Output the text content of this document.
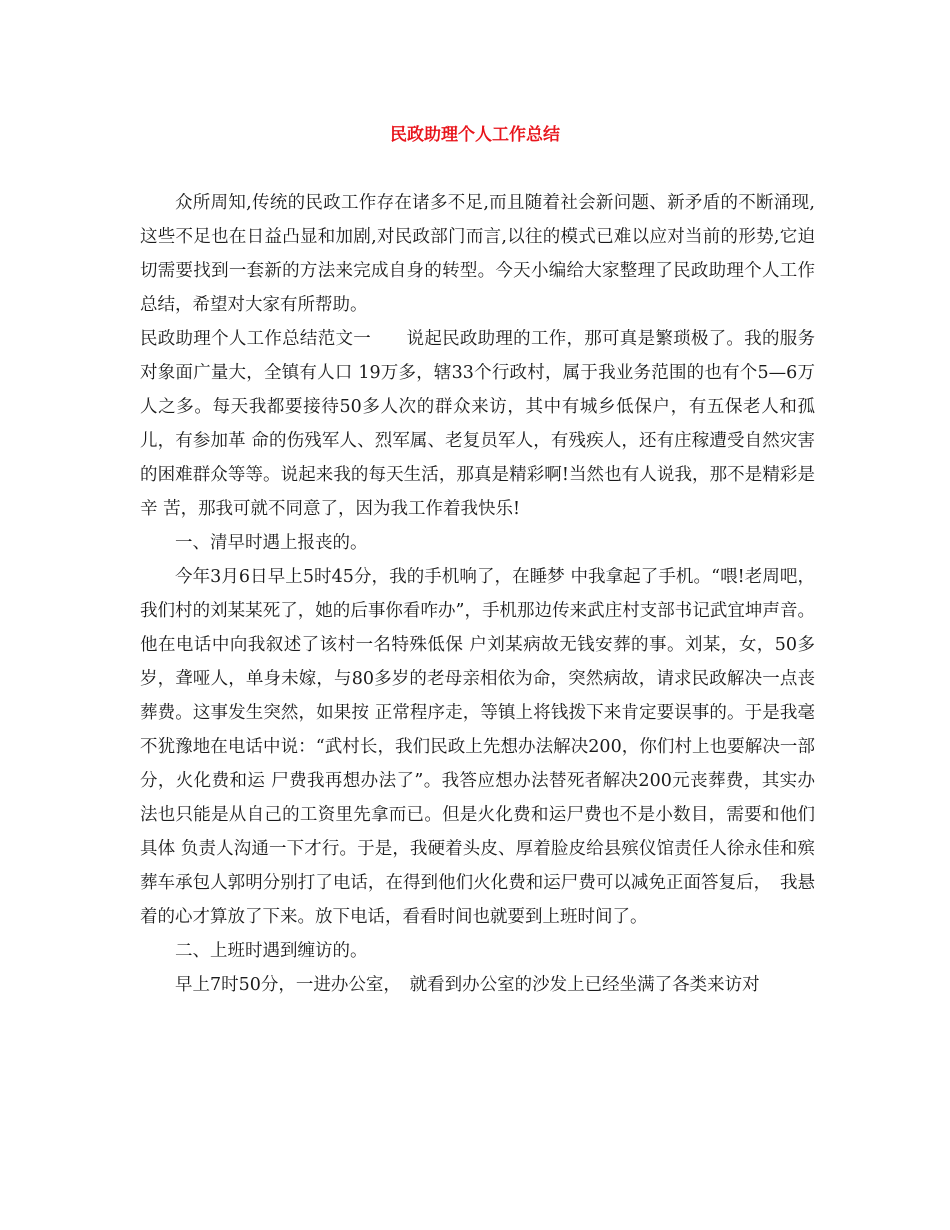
民政助理个人工作总结

众所周知,传统的民政工作存在诸多不足,而且随着社会新问题、新矛盾的不断涌现,这些不足也在日益凸显和加剧,对民政部门而言,以往的模式已难以应对当前的形势,它迫切需要找到一套新的方法来完成自身的转型。今天小编给大家整理了民政助理个人工作总结，希望对大家有所帮助。

民政助理个人工作总结范文一　　说起民政助理的工作，那可真是繁琐极了。我的服务对象面广量大，全镇有人口 19万多，辖33个行政村，属于我业务范围的也有个5—6万人之多。每天我都要接待50多人次的群众来访，其中有城乡低保户，有五保老人和孤儿，有参加革 命的伤残军人、烈军属、老复员军人，有残疾人，还有庄稼遭受自然灾害的困难群众等等。说起来我的每天生活，那真是精彩啊!当然也有人说我，那不是精彩是辛 苦，那我可就不同意了，因为我工作着我快乐!

一、清早时遇上报丧的。

今年3月6日早上5时45分，我的手机响了，在睡梦 中我拿起了手机。“喂!老周吧，我们村的刘某某死了，她的后事你看咋办”，手机那边传来武庄村支部书记武宜坤声音。他在电话中向我叙述了该村一名特殊低保 户刘某病故无钱安葬的事。刘某，女，50多岁，聋哑人，单身未嫁，与80多岁的老母亲相依为命，突然病故，请求民政解决一点丧葬费。这事发生突然，如果按 正常程序走，等镇上将钱拨下来肯定要误事的。于是我毫不犹豫地在电话中说：“武村长，我们民政上先想办法解决200，你们村上也要解决一部分，火化费和运 尸费我再想办法了”。我答应想办法替死者解决200元丧葬费，其实办法也只能是从自己的工资里先拿而已。但是火化费和运尸费也不是小数目，需要和他们具体 负责人沟通一下才行。于是，我硬着头皮、厚着脸皮给县殡仪馆责任人徐永佳和殡葬车承包人郭明分别打了电话，在得到他们火化费和运尸费可以减免正面答复后，　我悬着的心才算放了下来。放下电话，看看时间也就要到上班时间了。

二、上班时遇到缠访的。

早上7时50分，一进办公室，　就看到办公室的沙发上已经坐满了各类来访对
